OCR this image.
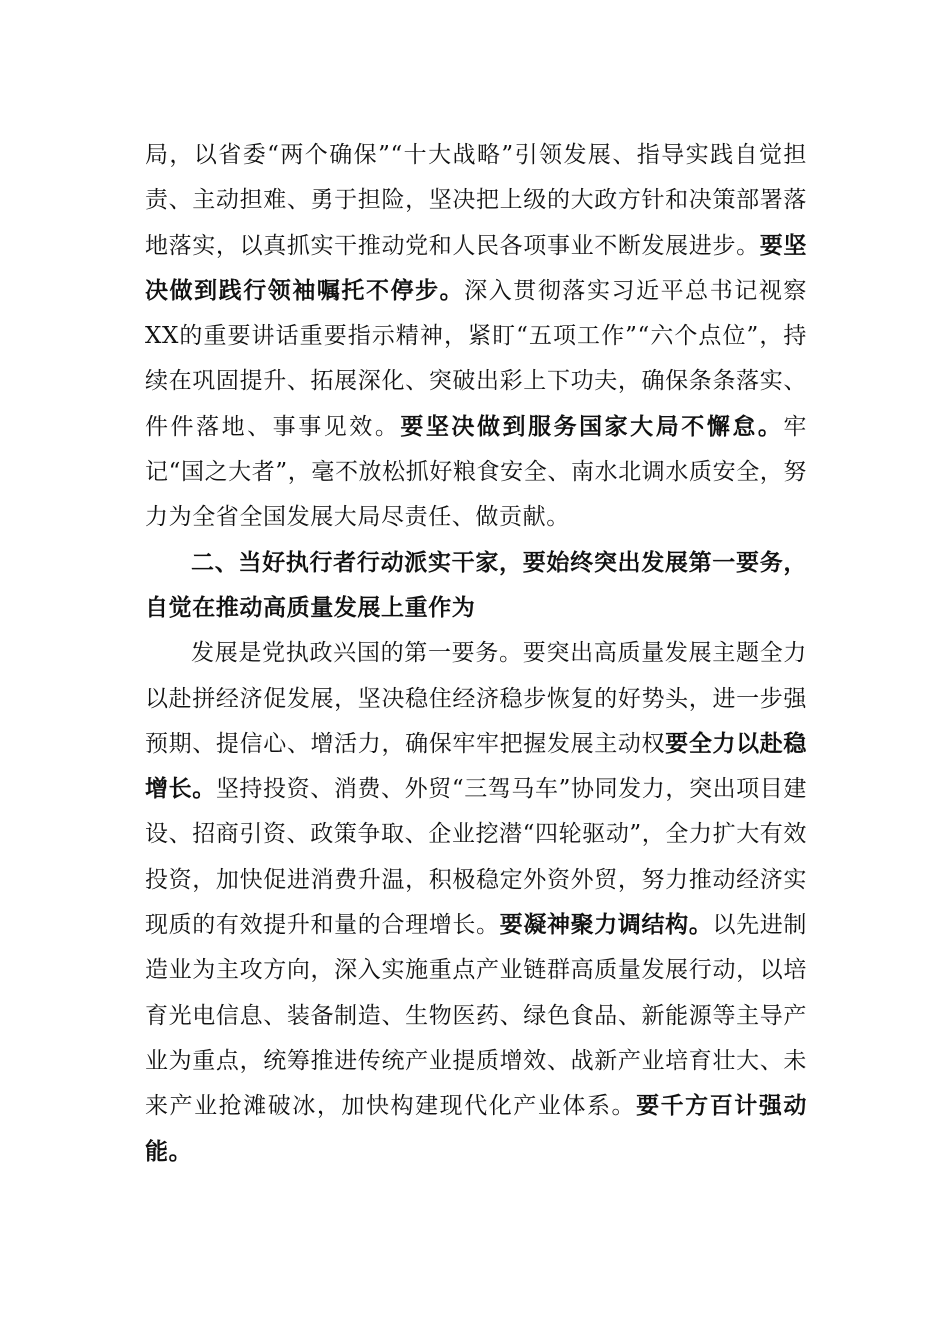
局，以省委“两个确保”“十大战略”引领发展、指导实践自觉担责、主动担难、勇于担险，坚决把上级的大政方针和决策部署落地落实，以真抓实干推动党和人民各项事业不断发展进步。要坚决做到践行领袖嘱托不停步。深入贯彻落实习近平总书记视察XX的重要讲话重要指示精神，紧盯“五项工作”“六个点位”，持续在巩固提升、拓展深化、突破出彩上下功夫，确保条条落实、件件落地、事事见效。要坚决做到服务国家大局不懈怠。牢记“国之大者”，毫不放松抓好粮食安全、南水北调水质安全，努力为全省全国发展大局尽责任、做贡献。

二、当好执行者行动派实干家，要始终突出发展第一要务，自觉在推动高质量发展上重作为

发展是党执政兴国的第一要务。要突出高质量发展主题全力以赴拼经济促发展，坚决稳住经济稳步恢复的好势头，进一步强预期、提信心、增活力，确保牢牢把握发展主动权要全力以赴稳增长。坚持投资、消费、外贸“三驾马车”协同发力，突出项目建设、招商引资、政策争取、企业挖潜“四轮驱动”，全力扩大有效投资，加快促进消费升温，积极稳定外资外贸，努力推动经济实现质的有效提升和量的合理增长。要凝神聚力调结构。以先进制造业为主攻方向，深入实施重点产业链群高质量发展行动，以培育光电信息、装备制造、生物医药、绿色食品、新能源等主导产业为重点，统筹推进传统产业提质增效、战新产业培育壮大、未来产业抢滩破冰，加快构建现代化产业体系。要千方百计强动能。
